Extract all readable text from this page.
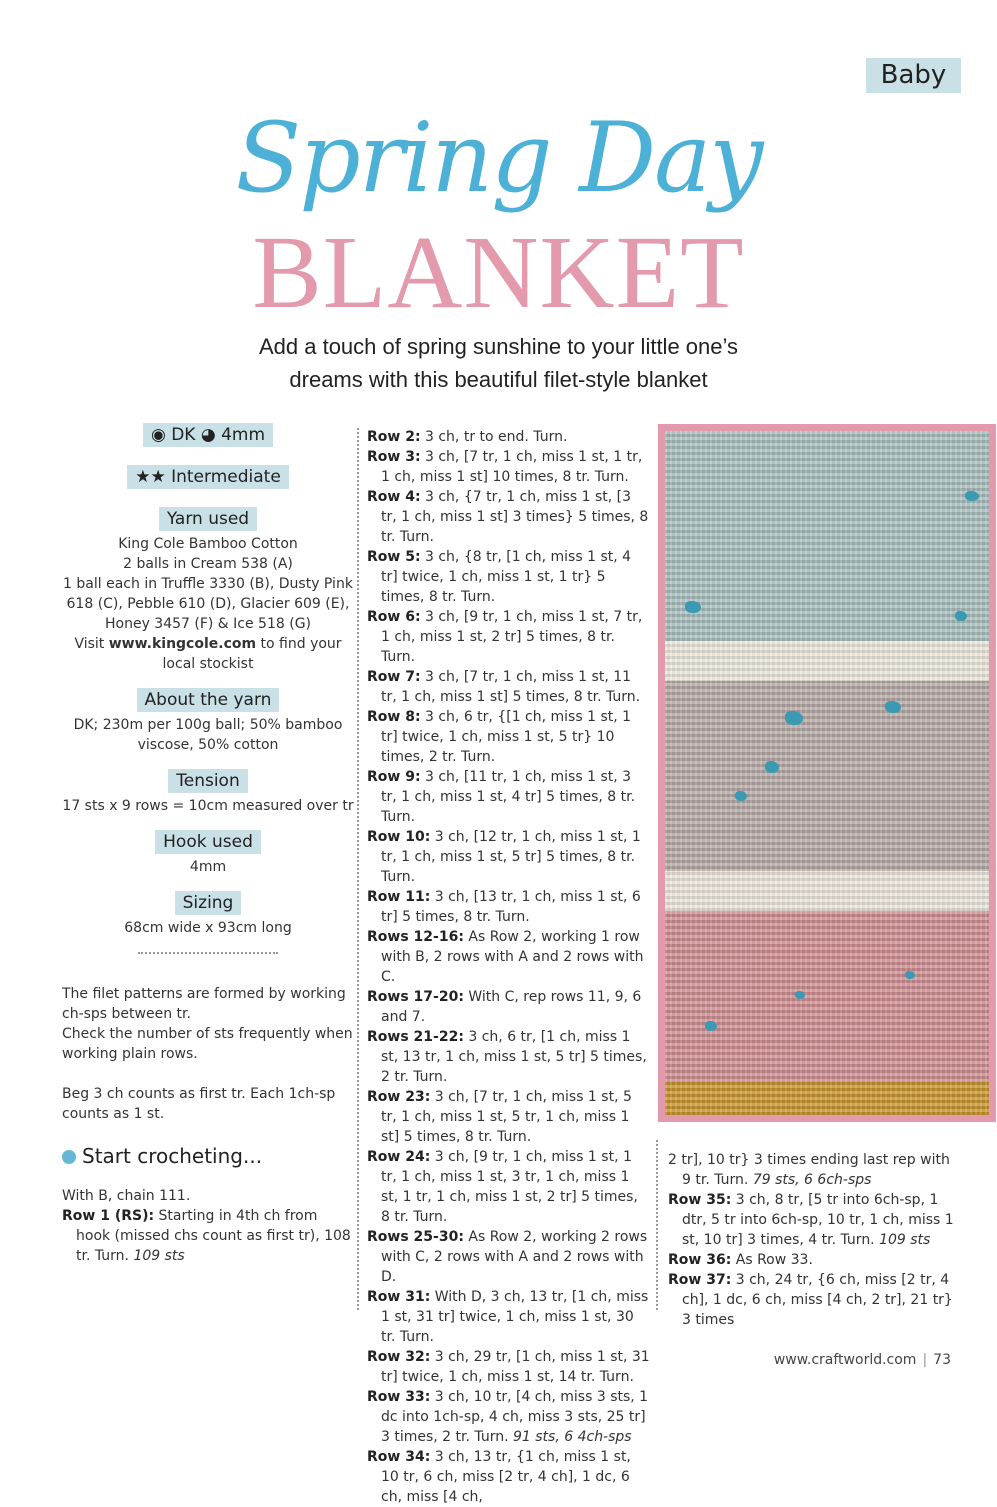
Baby
Spring Day
BLANKET
Add a touch of spring sunshine to your little one’s
dreams with this beautiful filet-style blanket
◉ DK ◕ 4mm
★★ Intermediate
Yarn used

King Cole Bamboo Cotton
2 balls in Cream 538 (A)
1 ball each in Truffle 3330 (B), Dusty Pink 618 (C), Pebble 610 (D), Glacier 609 (E), Honey 3457 (F) & Ice 518 (G)
Visit www.kingcole.com to find your local stockist

About the yarn

DK; 230m per 100g ball; 50% bamboo viscose, 50% cotton

Tension

17 sts x 9 rows = 10cm measured over tr

Hook used

4mm

Sizing

68cm wide x 93cm long

The filet patterns are formed by working ch-sps between tr.
Check the number of sts frequently when working plain rows.

Beg 3 ch counts as first tr. Each 1ch-sp counts as 1 st.

Start crocheting...
With B, chain 111.
Row 1 (RS): Starting in 4th ch from hook (missed chs count as first tr), 108 tr. Turn. 109 sts
Row 2: 3 ch, tr to end. Turn.
Row 3: 3 ch, [7 tr, 1 ch, miss 1 st, 1 tr, 1 ch, miss 1 st] 10 times, 8 tr. Turn.
Row 4: 3 ch, {7 tr, 1 ch, miss 1 st, [3 tr, 1 ch, miss 1 st] 3 times} 5 times, 8 tr. Turn.
Row 5: 3 ch, {8 tr, [1 ch, miss 1 st, 4 tr] twice, 1 ch, miss 1 st, 1 tr} 5 times, 8 tr. Turn.
Row 6: 3 ch, [9 tr, 1 ch, miss 1 st, 7 tr, 1 ch, miss 1 st, 2 tr] 5 times, 8 tr. Turn.
Row 7: 3 ch, [7 tr, 1 ch, miss 1 st, 11 tr, 1 ch, miss 1 st] 5 times, 8 tr. Turn.
Row 8: 3 ch, 6 tr, {[1 ch, miss 1 st, 1 tr] twice, 1 ch, miss 1 st, 5 tr} 10 times, 2 tr. Turn.
Row 9: 3 ch, [11 tr, 1 ch, miss 1 st, 3 tr, 1 ch, miss 1 st, 4 tr] 5 times, 8 tr. Turn.
Row 10: 3 ch, [12 tr, 1 ch, miss 1 st, 1 tr, 1 ch, miss 1 st, 5 tr] 5 times, 8 tr. Turn.
Row 11: 3 ch, [13 tr, 1 ch, miss 1 st, 6 tr] 5 times, 8 tr. Turn.
Rows 12-16: As Row 2, working 1 row with B, 2 rows with A and 2 rows with C.
Rows 17-20: With C, rep rows 11, 9, 6 and 7.
Rows 21-22: 3 ch, 6 tr, [1 ch, miss 1 st, 13 tr, 1 ch, miss 1 st, 5 tr] 5 times, 2 tr. Turn.
Row 23: 3 ch, [7 tr, 1 ch, miss 1 st, 5 tr, 1 ch, miss 1 st, 5 tr, 1 ch, miss 1 st] 5 times, 8 tr. Turn.
Row 24: 3 ch, [9 tr, 1 ch, miss 1 st, 1 tr, 1 ch, miss 1 st, 3 tr, 1 ch, miss 1 st, 1 tr, 1 ch, miss 1 st, 2 tr] 5 times, 8 tr. Turn.
Rows 25-30: As Row 2, working 2 rows with C, 2 rows with A and 2 rows with D.
Row 31: With D, 3 ch, 13 tr, [1 ch, miss 1 st, 31 tr] twice, 1 ch, miss 1 st, 30 tr. Turn.
Row 32: 3 ch, 29 tr, [1 ch, miss 1 st, 31 tr] twice, 1 ch, miss 1 st, 14 tr. Turn.
Row 33: 3 ch, 10 tr, [4 ch, miss 3 sts, 1 dc into 1ch-sp, 4 ch, miss 3 sts, 25 tr] 3 times, 2 tr. Turn. 91 sts, 6 4ch-sps
Row 34: 3 ch, 13 tr, {1 ch, miss 1 st, 10 tr, 6 ch, miss [2 tr, 4 ch], 1 dc, 6 ch, miss [4 ch,
2 tr], 10 tr} 3 times ending last rep with 9 tr. Turn. 79 sts, 6 6ch-sps
Row 35: 3 ch, 8 tr, [5 tr into 6ch-sp, 1 dtr, 5 tr into 6ch-sp, 10 tr, 1 ch, miss 1 st, 10 tr] 3 times, 4 tr. Turn. 109 sts
Row 36: As Row 33.
Row 37: 3 ch, 24 tr, {6 ch, miss [2 tr, 4 ch], 1 dc, 6 ch, miss [4 ch, 2 tr], 21 tr} 3 times
www.craftworld.com | 73
